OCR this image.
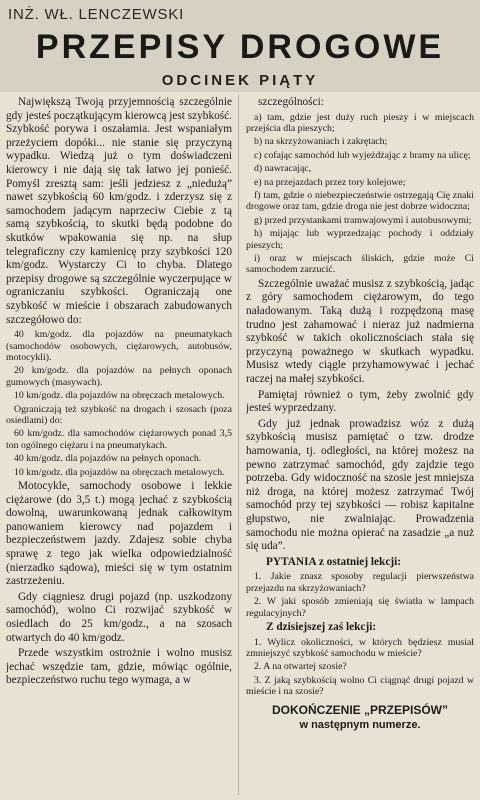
INŻ. WŁ. LENCZEWSKI
PRZEPISY DROGOWE
ODCINEK PIĄTY

Największą Twoją przyjemnością szczególnie gdy jesteś początkującym kierowcą jest szybkość. Szybkość porywa i oszałamia. Jest wspaniałym przeżyciem dopóki... nie stanie się przyczyną wypadku. Wiedzą już o tym doświadczeni kierowcy i nie dają się tak łatwo jej ponieść. Pomyśl zresztą sam: jeśli jedziesz z „niedużą” nawet szybkością 60 km/godz. i zderzysz się z samochodem jadącym naprzeciw Ciebie z tą samą szybkością, to skutki będą podobne do skutków wpakowania się np. na słup telegraficzny czy kamienicę przy szybkości 120 km/godz. Wystarczy Ci to chyba. Dlatego przepisy drogowe są szczególnie wyczerpujące w ograniczaniu szybkości. Ograniczają one szybkość w mieście i obszarach zabudowanych szczegółowo do:

40 km/godz. dla pojazdów na pneumatykach (samochodów osobowych, ciężarowych, autobusów, motocykli).

20 km/godz. dla pojazdów na pełnych oponach gumowych (masywach).

10 km/godz. dla pojazdów na obręczach metalowych.

Ograniczają też szybkość na drogach i szosach (poza osiedlami) do:

60 km/godz. dla samochodów ciężarowych ponad 3,5 ton ogólnego ciężaru i na pneumatykach.

40 km/godz. dla pojazdów na pełnych oponach.

10 km/godz. dla pojazdów na obręczach metalowych.

Motocykle, samochody osobowe i lekkie ciężarowe (do 3,5 t.) mogą jechać z szybkością dowolną, uwarunkowaną jednak całkowitym panowaniem kierowcy nad pojazdem i bezpieczeństwem jazdy. Zdajesz sobie chyba sprawę z tego jak wielka odpowiedzialność (nierzadko sądowa), mieści się w tym ostatnim zastrzeżeniu.

Gdy ciągniesz drugi pojazd (np. uszkodzony samochód), wolno Ci rozwijać szybkość w osiedlach do 25 km/godz., a na szosach otwartych do 40 km/godz.

Przede wszystkim ostrożnie i wolno musisz jechać wszędzie tam, gdzie, mówiąc ogólnie, bezpieczeństwo ruchu tego wymaga, a w

szczególności:

a) tam, gdzie jest duży ruch pieszy i w miejscach przejścia dla pieszych;

b) na skrzyżowaniach i zakrętach;

c) cofając samochód lub wyjeżdżając z bramy na ulicę;

d) nawracając,

e) na przejazdach przez tory kolejowe;

f) tam, gdzie o niebezpieczeństwie ostrzegają Cię znaki drogowe oraz tam, gdzie droga nie jest dobrze widoczna;

g) przed przystankami tramwajowymi i autobusowymi;

h) mijając lub wyprzedzając pochody i oddziały pieszych;

i) oraz w miejscach śliskich, gdzie może Ci samochodem zarzucić.

Szczególnie uważać musisz z szybkością, jadąc z góry samochodem ciężarowym, do tego naładowanym. Taką dużą i rozpędzoną masę trudno jest zahamować i nieraz już nadmierna szybkość w takich okolicznościach stała się przyczyną poważnego w skutkach wypadku. Musisz wtedy ciągle przyhamowywać i jechać raczej na małej szybkości.

Pamiętaj również o tym, żeby zwolnić gdy jesteś wyprzedzany.

Gdy już jednak prowadzisz wóz z dużą szybkością musisz pamiętać o tzw. drodze hamowania, tj. odległości, na której możesz na pewno zatrzymać samochód, gdy zajdzie tego potrzeba. Gdy widoczność na szosie jest mniejsza niż droga, na której możesz zatrzymać Twój samochód przy tej szybkości — robisz kapitalne głupstwo, nie zwalniając. Prowadzenia samochodu nie można opierać na zasadzie „a nuż się uda”.

PYTANIA z ostatniej lekcji:

1. Jakie znasz sposoby regulacji pierwszeństwa przejazdu na skrzyżowaniach?

2. W jaki sposób zmieniają się światła w lampach regulacyjnych?

Z dzisiejszej zaś lekcji:

1. Wylicz okoliczności, w których będziesz musiał zmniejszyć szybkość samochodu w mieście?

2. A na otwartej szosie?

3. Z jaką szybkością wolno Ci ciągnąć drugi pojazd w mieście i na szosie?

DOKOŃCZENIE „PRZEPISÓW”

w następnym numerze.
